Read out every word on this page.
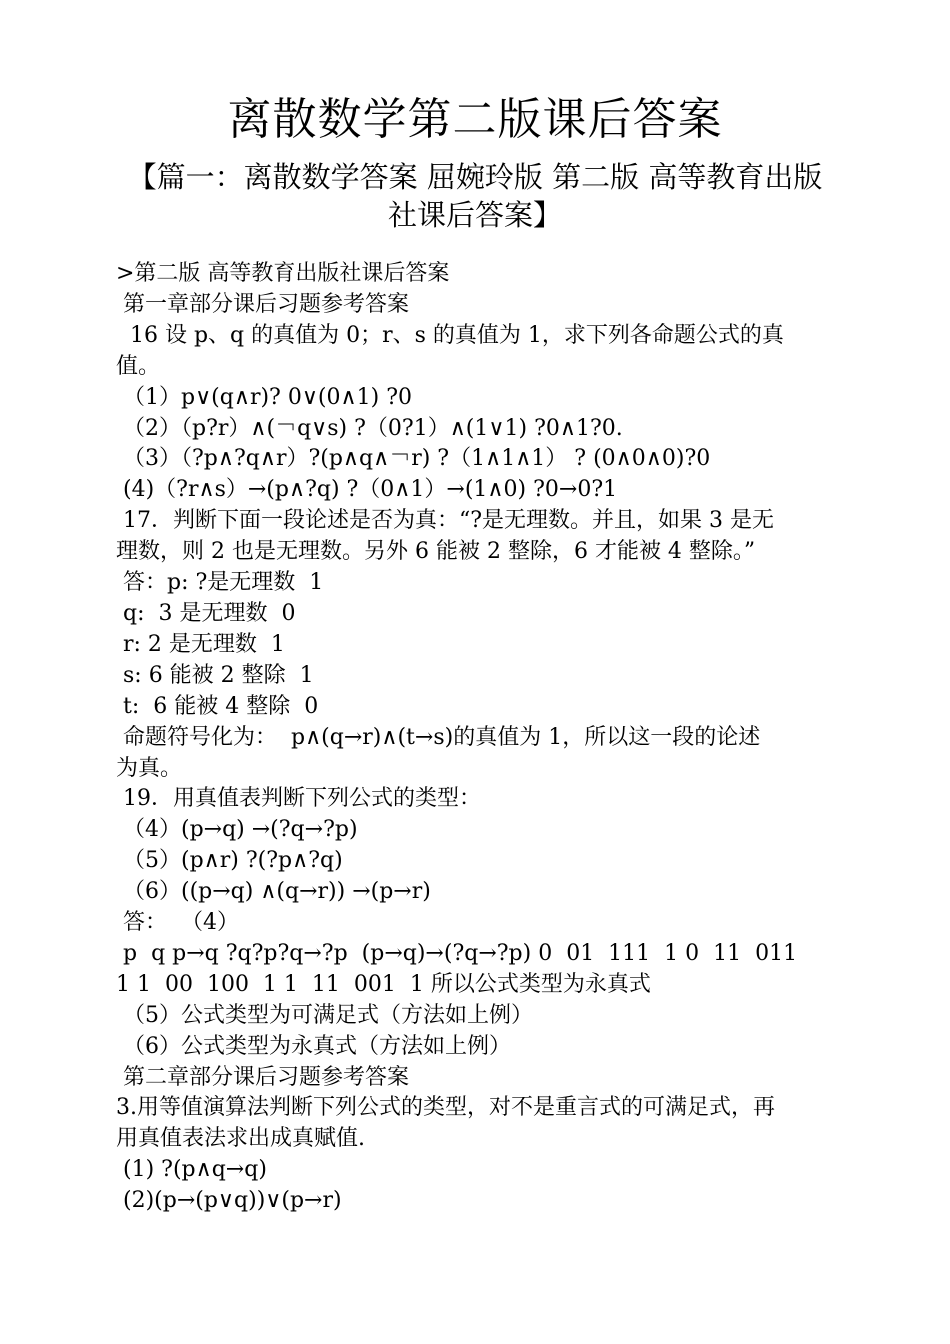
离散数学第二版课后答案
【篇一：离散数学答案 屈婉玲版 第二版 高等教育出版
社课后答案】
>第二版 高等教育出版社课后答案
第一章部分课后习题参考答案
16 设 p、q 的真值为 0；r、s 的真值为 1，求下列各命题公式的真
值。
（1）p∨(q∧r)? 0∨(0∧1) ?0
（2）（p?r）∧(￢q∨s) ?（0?1）∧(1∨1) ?0∧1?0.
（3）（?p∧?q∧r）?(p∧q∧￢r) ?（1∧1∧1） ? (0∧0∧0)?0
(4)（?r∧s）→(p∧?q) ?（0∧1）→(1∧0) ?0→0?1
17．判断下面一段论述是否为真：“?是无理数。并且，如果 3 是无
理数，则 2 也是无理数。另外 6 能被 2 整除，6 才能被 4 整除。”
答：p: ?是无理数  1
q:  3 是无理数  0
r: 2 是无理数  1
s: 6 能被 2 整除  1
t:  6 能被 4 整除  0
命题符号化为：  p∧(q→r)∧(t→s)的真值为 1，所以这一段的论述
为真。
19．用真值表判断下列公式的类型：
（4）(p→q) →(?q→?p)
（5）(p∧r) ?(?p∧?q)
（6）((p→q) ∧(q→r)) →(p→r)
答：  （4）
p  q p→q ?q?p?q→?p  (p→q)→(?q→?p) 0  01  111  1 0  11  011
1 1  00  100  1 1  11  001  1 所以公式类型为永真式
（5）公式类型为可满足式（方法如上例）
（6）公式类型为永真式（方法如上例）
第二章部分课后习题参考答案
3.用等值演算法判断下列公式的类型，对不是重言式的可满足式，再
用真值表法求出成真赋值.
(1) ?(p∧q→q)
(2)(p→(p∨q))∨(p→r)
